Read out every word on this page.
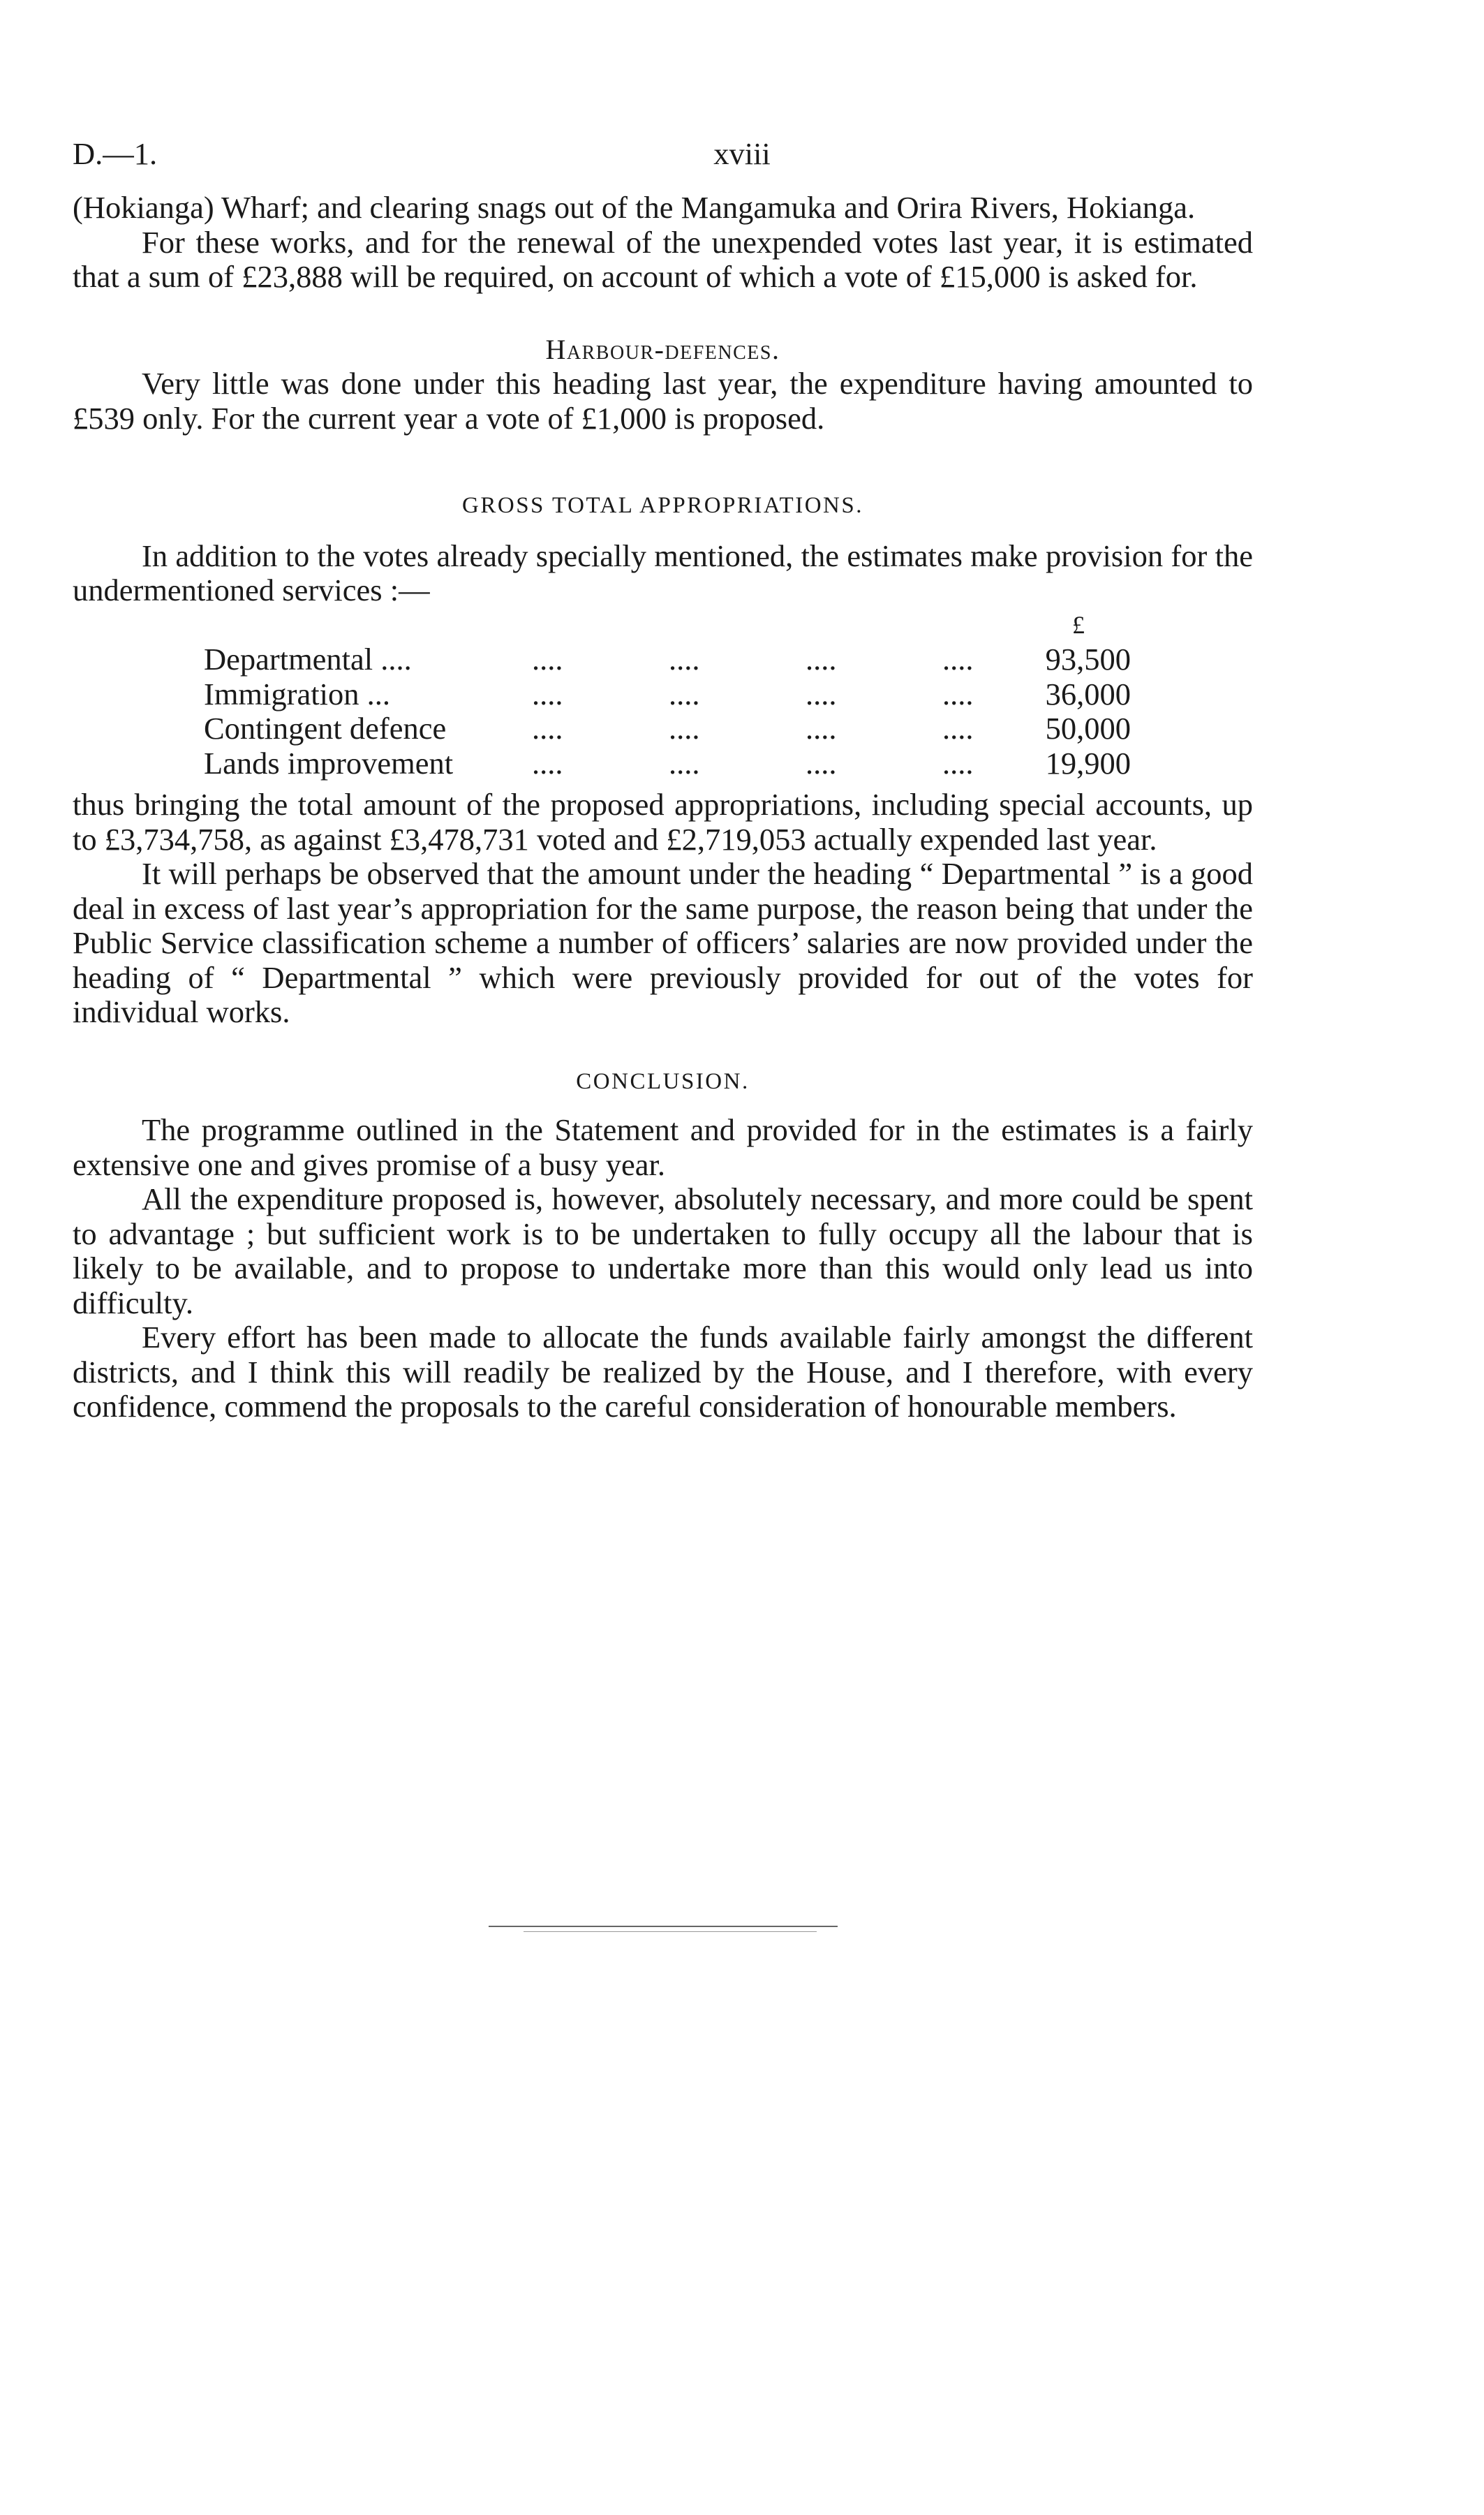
D.—1.	xviii

(Hokianga) Wharf; and clearing snags out of the Mangamuka and Orira Rivers, Hokianga.

For these works, and for the renewal of the unexpended votes last year, it is estimated that a sum of £23,888 will be required, on account of which a vote of £15,000 is asked for.

Harbour-defences.

Very little was done under this heading last year, the expenditure having amounted to £539 only. For the current year a vote of £1,000 is proposed.

GROSS TOTAL APPROPRIATIONS.

In addition to the votes already specially mentioned, the estimates make provision for the undermentioned services :—

					£
Departmental ....	....	....	....	....	93,500
Immigration ...	....	....	....	....	36,000
Contingent defence	....	....	....	....	50,000
Lands improvement	....	....	....	....	19,900

thus bringing the total amount of the proposed appropriations, including special accounts, up to £3,734,758, as against £3,478,731 voted and £2,719,053 actually expended last year.

It will perhaps be observed that the amount under the heading “ Departmental ” is a good deal in excess of last year’s appropriation for the same purpose, the reason being that under the Public Service classification scheme a number of officers’ salaries are now provided under the heading of “ Departmental ” which were previously provided for out of the votes for individual works.

CONCLUSION.

The programme outlined in the Statement and provided for in the estimates is a fairly extensive one and gives promise of a busy year.

All the expenditure proposed is, however, absolutely necessary, and more could be spent to advantage ; but sufficient work is to be undertaken to fully occupy all the labour that is likely to be available, and to propose to undertake more than this would only lead us into difficulty.

Every effort has been made to allocate the funds available fairly amongst the different districts, and I think this will readily be realized by the House, and I therefore, with every confidence, commend the proposals to the careful consideration of honourable members.
